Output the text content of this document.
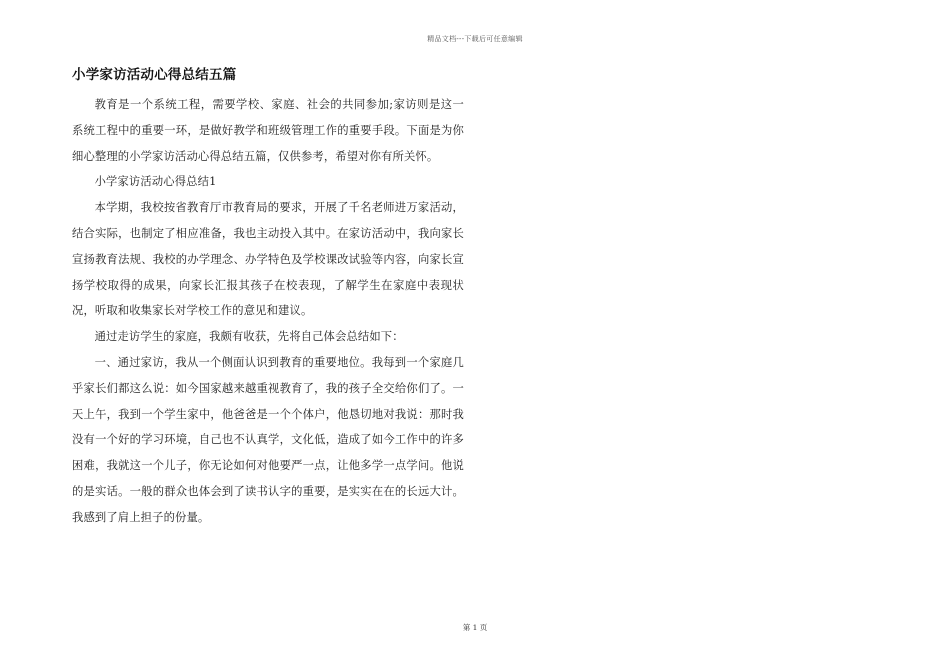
精品文档---下载后可任意编辑
小学家访活动心得总结五篇

教育是一个系统工程，需要学校、家庭、社会的共同参加;家访则是这一系统工程中的重要一环，是做好教学和班级管理工作的重要手段。下面是为你细心整理的小学家访活动心得总结五篇，仅供参考，希望对你有所关怀。

小学家访活动心得总结1

本学期，我校按省教育厅市教育局的要求，开展了千名老师进万家活动，结合实际，也制定了相应准备，我也主动投入其中。在家访活动中，我向家长宣扬教育法规、我校的办学理念、办学特色及学校课改试验等内容，向家长宣扬学校取得的成果，向家长汇报其孩子在校表现，了解学生在家庭中表现状况，听取和收集家长对学校工作的意见和建议。

通过走访学生的家庭，我颇有收获，先将自己体会总结如下：

一、通过家访，我从一个侧面认识到教育的重要地位。我每到一个家庭几乎家长们都这么说：如今国家越来越重视教育了，我的孩子全交给你们了。一天上午，我到一个学生家中，他爸爸是一个个体户，他恳切地对我说：那时我没有一个好的学习环境，自己也不认真学，文化低，造成了如今工作中的许多困难，我就这一个儿子，你无论如何对他要严一点，让他多学一点学问。他说的是实话。一般的群众也体会到了读书认字的重要，是实实在在的长远大计。我感到了肩上担子的份量。

第 1 页
